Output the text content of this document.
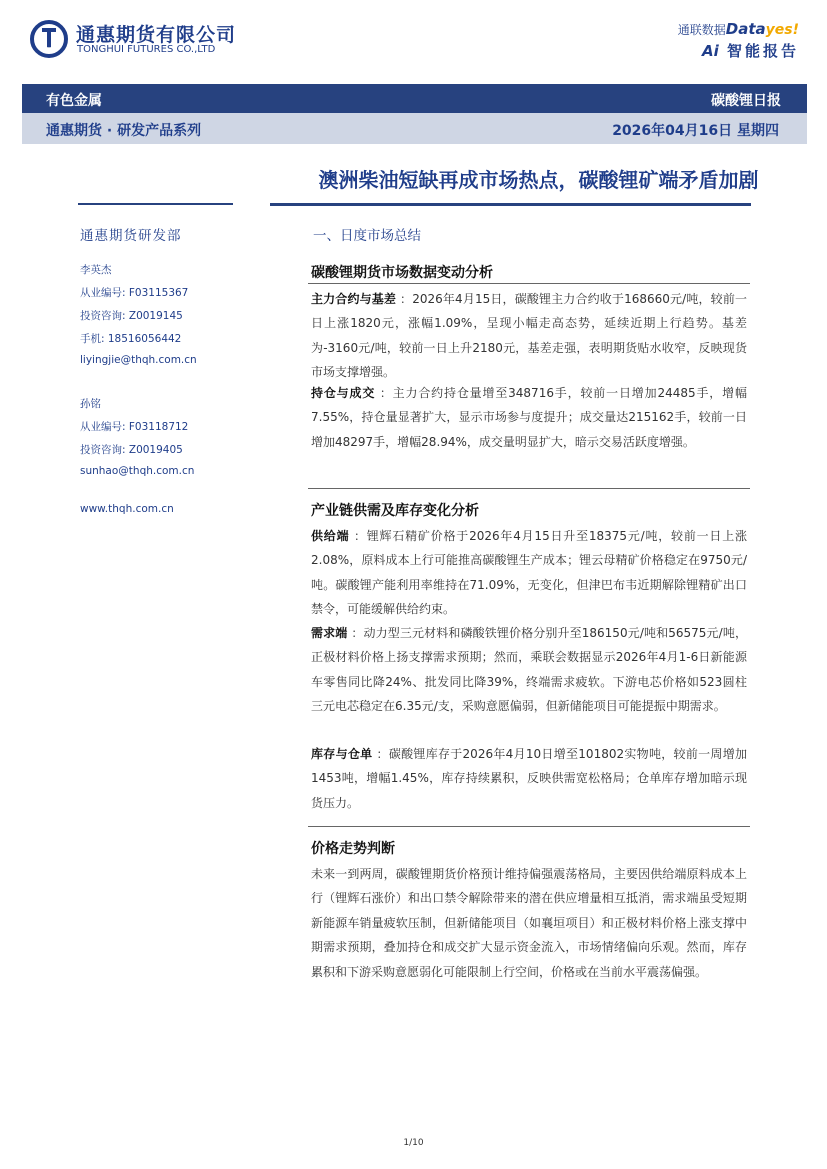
通惠期货有限公司
TONGHUI FUTURES CO.,LTD
通联数据Datayes!
Ai 智能报告
有色金属	碳酸锂日报
通惠期货 · 研发产品系列	2026年04月16日 星期四
澳洲柴油短缺再成市场热点，碳酸锂矿端矛盾加剧
通惠期货研发部
李英杰
从业编号: F03115367
投资咨询: Z0019145
手机: 18516056442
liyingjie@thqh.com.cn
孙铭
从业编号: F03118712
投资咨询: Z0019405
sunhao@thqh.com.cn
www.thqh.com.cn
一、日度市场总结
碳酸锂期货市场数据变动分析

主力合约与基差 ：2026年4月15日，碳酸锂主力合约收于168660元/吨，较前一日上涨1820元，涨幅1.09%，呈现小幅走高态势，延续近期上行趋势。基差为-3160元/吨，较前一日上升2180元，基差走强，表明期货贴水收窄，反映现货市场支撑增强。

持仓与成交 ：主力合约持仓量增至348716手，较前一日增加24485手，增幅7.55%，持仓量显著扩大，显示市场参与度提升；成交量达215162手，较前一日增加48297手，增幅28.94%，成交量明显扩大，暗示交易活跃度增强。

产业链供需及库存变化分析

供给端 ：锂辉石精矿价格于2026年4月15日升至18375元/吨，较前一日上涨2.08%，原料成本上行可能推高碳酸锂生产成本；锂云母精矿价格稳定在9750元/吨。碳酸锂产能利用率维持在71.09%，无变化，但津巴布韦近期解除锂精矿出口禁令，可能缓解供给约束。

需求端 ：动力型三元材料和磷酸铁锂价格分别升至186150元/吨和56575元/吨，正极材料价格上扬支撑需求预期；然而，乘联会数据显示2026年4月1-6日新能源车零售同比降24%、批发同比降39%，终端需求疲软。下游电芯价格如523圆柱三元电芯稳定在6.35元/支，采购意愿偏弱，但新储能项目可能提振中期需求。

库存与仓单 ：碳酸锂库存于2026年4月10日增至101802实物吨，较前一周增加1453吨，增幅1.45%，库存持续累积，反映供需宽松格局；仓单库存增加暗示现货压力。

价格走势判断

未来一到两周，碳酸锂期货价格预计维持偏强震荡格局，主要因供给端原料成本上行（锂辉石涨价）和出口禁令解除带来的潜在供应增量相互抵消，需求端虽受短期新能源车销量疲软压制，但新储能项目（如襄垣项目）和正极材料价格上涨支撑中期需求预期，叠加持仓和成交扩大显示资金流入，市场情绪偏向乐观。然而，库存累积和下游采购意愿弱化可能限制上行空间，价格或在当前水平震荡偏强。

1/10
